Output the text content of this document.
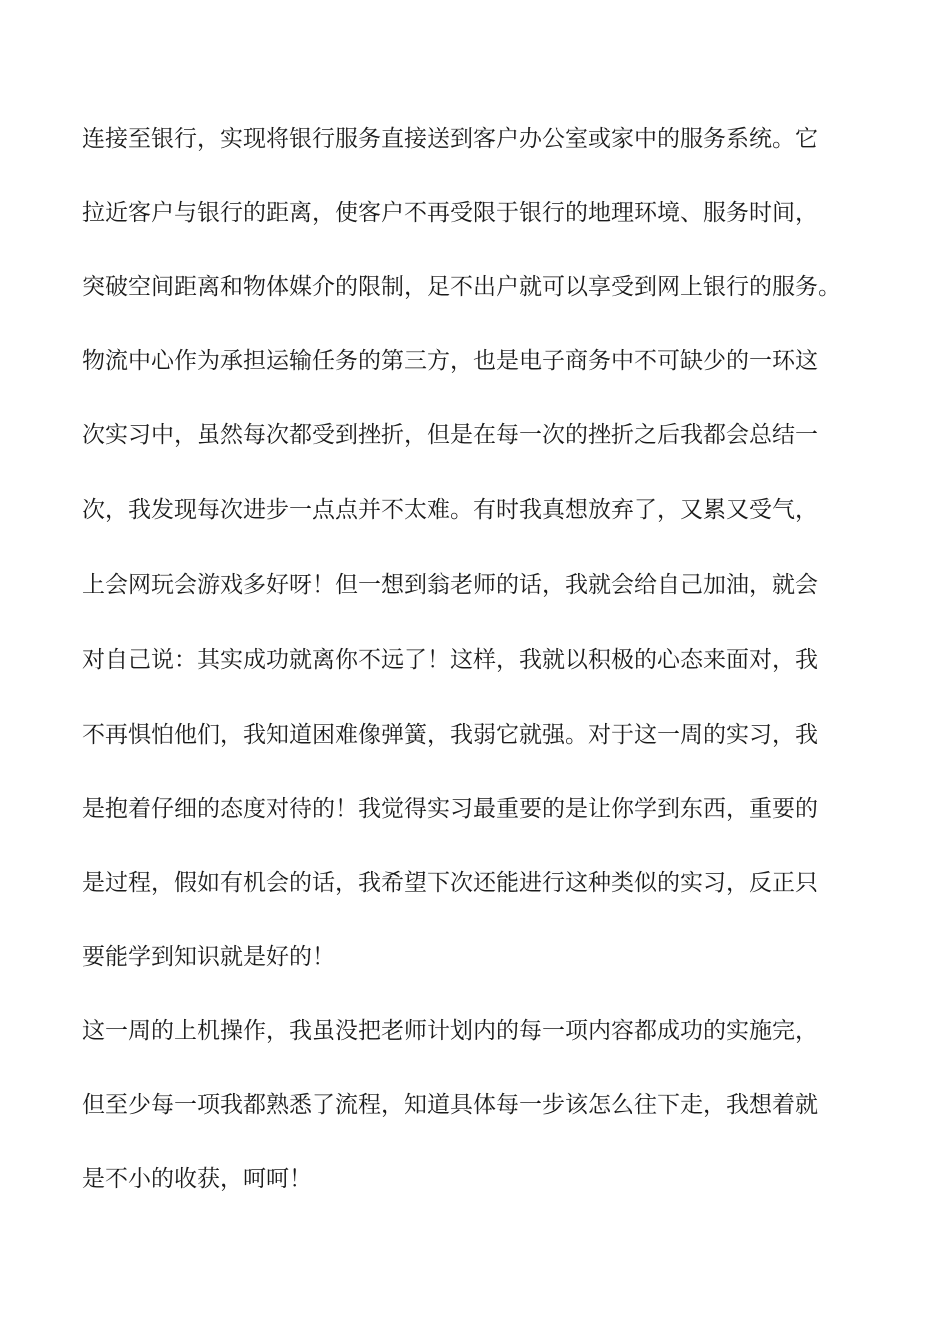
连接至银行，实现将银行服务直接送到客户办公室或家中的服务系统。它
拉近客户与银行的距离，使客户不再受限于银行的地理环境、服务时间，
突破空间距离和物体媒介的限制，足不出户就可以享受到网上银行的服务。
物流中心作为承担运输任务的第三方，也是电子商务中不可缺少的一环这
次实习中，虽然每次都受到挫折，但是在每一次的挫折之后我都会总结一
次，我发现每次进步一点点并不太难。有时我真想放弃了，又累又受气，
上会网玩会游戏多好呀！但一想到翁老师的话，我就会给自己加油，就会
对自己说：其实成功就离你不远了！这样，我就以积极的心态来面对，我
不再惧怕他们，我知道困难像弹簧，我弱它就强。对于这一周的实习，我
是抱着仔细的态度对待的！我觉得实习最重要的是让你学到东西，重要的
是过程，假如有机会的话，我希望下次还能进行这种类似的实习，反正只
要能学到知识就是好的！
这一周的上机操作，我虽没把老师计划内的每一项内容都成功的实施完，
但至少每一项我都熟悉了流程，知道具体每一步该怎么往下走，我想着就
是不小的收获，呵呵！
